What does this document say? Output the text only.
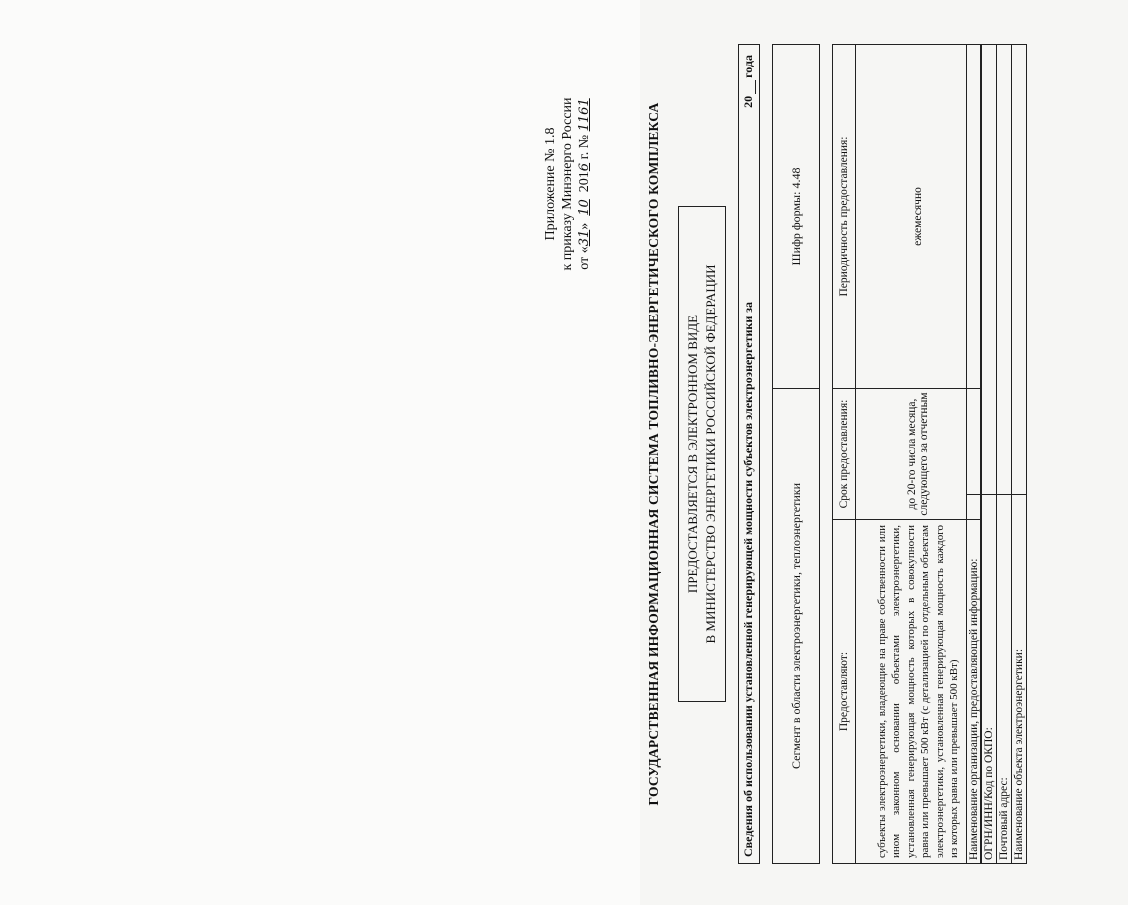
Приложение № 1.8 к приказу Минэнерго России от «31»  10  2016 г. № 1161	ГОСУДАРСТВЕННАЯ ИНФОРМАЦИОННАЯ СИСТЕМА ТОПЛИВНО-ЭНЕРГЕТИЧЕСКОГО КОМПЛЕКСА ПРЕДОСТАВЛЯЕТСЯ В ЭЛЕКТРОННОМ ВИДЕ В МИНИСТЕРСТВО ЭНЕРГЕТИКИ РОССИЙСКОЙ ФЕДЕРАЦИИ Сведения об использовании установленной генерирующей мощности субъектов электроэнергетики за
20года
Сегмент в области электроэнергетики, теплоэнергетики	Шифр формы: 4.48
Предоставляют:	Срок предоставления:	Периодичность предоставления:
субъекты электроэнергетики, владеющие на праве собственности или ином законном основании объектами электроэнергетики, установленная генерирующая мощность которых в совокупности равна или превышает 500 кВт (с детализацией по отдельным объектам электроэнергетики, установленная генерирующая мощность каждого из которых равна или превышает 500 кВт)	до 20-го числа месяца, следующего за отчетным	ежемесячно
Наименование организации, предоставляющей информацию:	
ОГРН/ИНН/Код по ОКПО:	
Почтовый адрес:	
Наименование объекта электроэнергетики:	
